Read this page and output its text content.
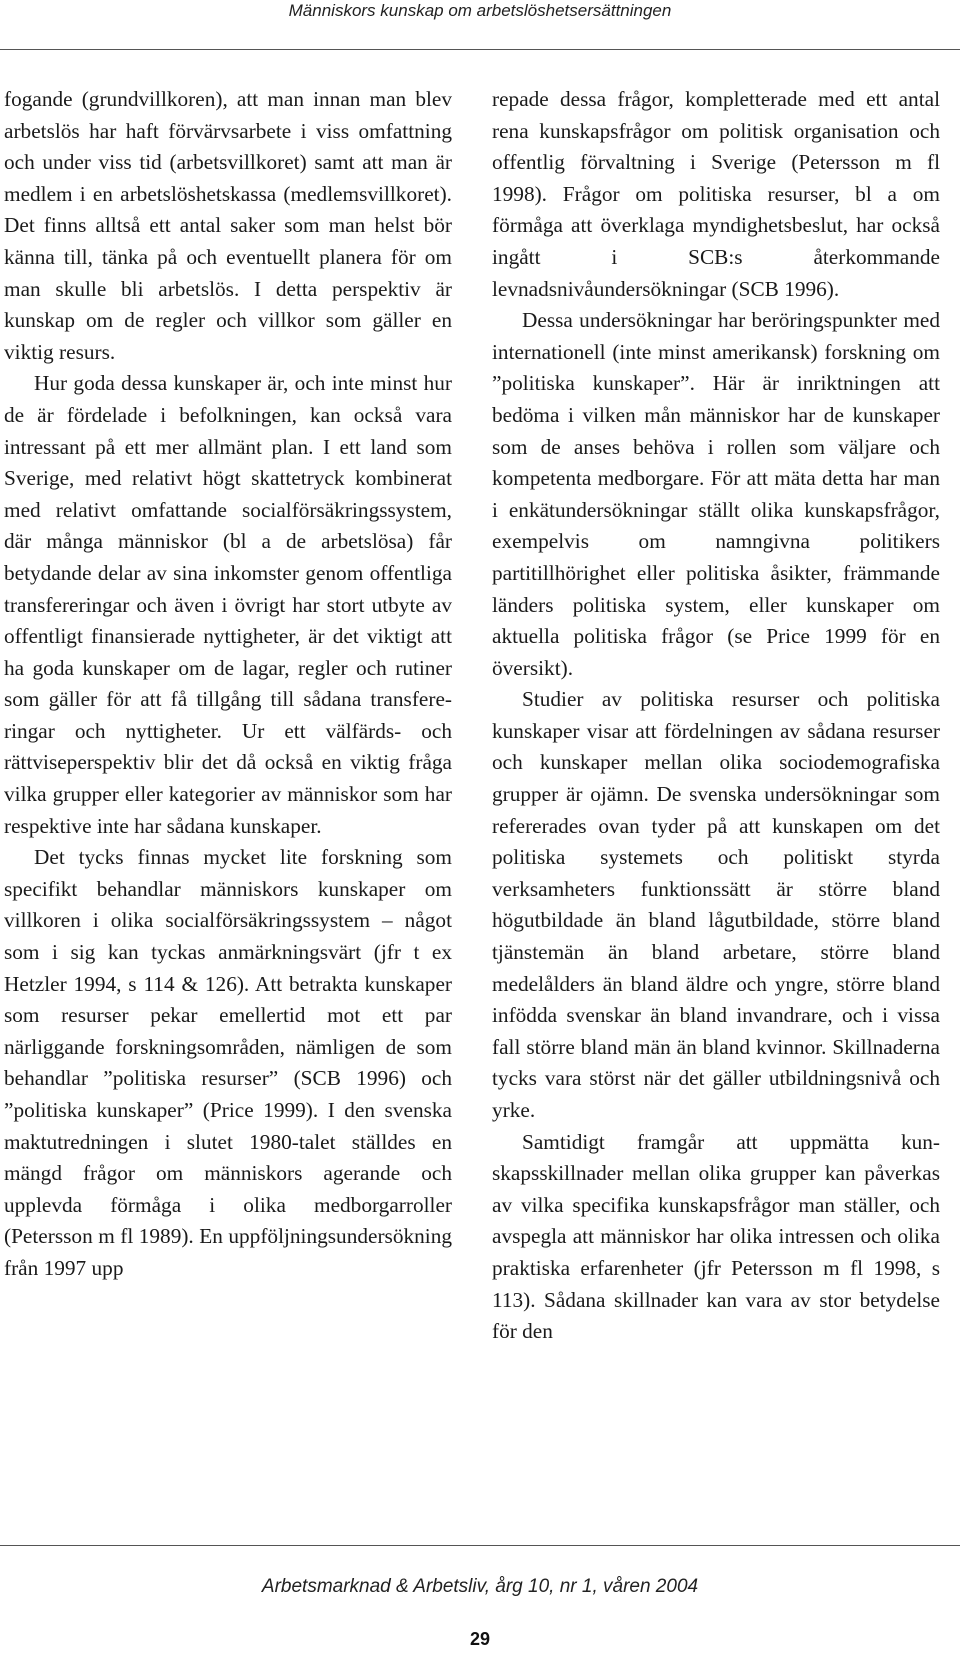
Människors kunskap om arbetslöshetsersättningen

fogande (grundvillkoren), att man innan man blev arbetslös har haft förvärvsarbete i viss omfattning och under viss tid (arbetsvillkoret) samt att man är medlem i en arbetslöshetskassa (medlemsvillkoret). Det finns alltså ett antal saker som man helst bör känna till, tänka på och eventuellt planera för om man skulle bli arbetslös. I detta perspektiv är kunskap om de regler och villkor som gäller en viktig resurs.

Hur goda dessa kunskaper är, och inte minst hur de är fördelade i befolkningen, kan också vara intressant på ett mer allmänt plan. I ett land som Sverige, med relativt högt skattetryck kombinerat med relativt omfattande socialförsäkringssystem, där många människor (bl a de arbetslösa) får betydande delar av sina inkomster genom offentliga transfereringar och även i övrigt har stort utbyte av offentligt finansierade nyttigheter, är det viktigt att ha goda kunskaper om de lagar, regler och rutiner som gäller för att få tillgång till sådana transfereringar och nyttigheter. Ur ett välfärds- och rättviseperspektiv blir det då också en viktig fråga vilka grupper eller kategorier av människor som har respektive inte har sådana kunskaper.

Det tycks finnas mycket lite forskning som specifikt behandlar människors kunskaper om villkoren i olika socialförsäkringssystem – något som i sig kan tyckas anmärkningsvärt (jfr t ex Hetzler 1994, s 114 & 126). Att betrakta kunskaper som resurser pekar emellertid mot ett par närliggande forskningsområden, nämligen de som behandlar ”politiska resurser” (SCB 1996) och ”politiska kunskaper” (Price 1999). I den svenska maktutredningen i slutet 1980-talet ställdes en mängd frågor om människors agerande och upplevda förmåga i olika medborgarroller (Petersson m fl 1989). En uppföljningsundersökning från 1997 upp

repade dessa frågor, kompletterade med ett antal rena kunskapsfrågor om politisk organisation och offentlig förvaltning i Sverige (Petersson m fl 1998). Frågor om politiska resurser, bl a om förmåga att överklaga myndighetsbeslut, har också ingått i SCB:s återkommande levnadsnivåundersökningar (SCB 1996).

Dessa undersökningar har beröringspunkter med internationell (inte minst amerikansk) forskning om ”politiska kunskaper”. Här är inriktningen att bedöma i vilken mån människor har de kunskaper som de anses behöva i rollen som väljare och kompetenta medborgare. För att mäta detta har man i enkätundersökningar ställt olika kunskapsfrågor, exempelvis om namngivna politikers partitillhörighet eller politiska åsikter, främmande länders politiska system, eller kunskaper om aktuella politiska frågor (se Price 1999 för en översikt).

Studier av politiska resurser och politiska kunskaper visar att fördelningen av sådana resurser och kunskaper mellan olika sociodemografiska grupper är ojämn. De svenska undersökningar som refererades ovan tyder på att kunskapen om det politiska systemets och politiskt styrda verksamheters funktionssätt är större bland högutbildade än bland lågutbildade, större bland tjänstemän än bland arbetare, större bland medelålders än bland äldre och yngre, större bland infödda svenskar än bland invandrare, och i vissa fall större bland män än bland kvinnor. Skillnaderna tycks vara störst när det gäller utbildningsnivå och yrke.

Samtidigt framgår att uppmätta kunskapsskillnader mellan olika grupper kan påverkas av vilka specifika kunskapsfrågor man ställer, och avspegla att människor har olika intressen och olika praktiska erfarenheter (jfr Petersson m fl 1998, s 113). Sådana skillnader kan vara av stor betydelse för den

Arbetsmarknad & Arbetsliv, årg 10, nr 1, våren 2004
29
